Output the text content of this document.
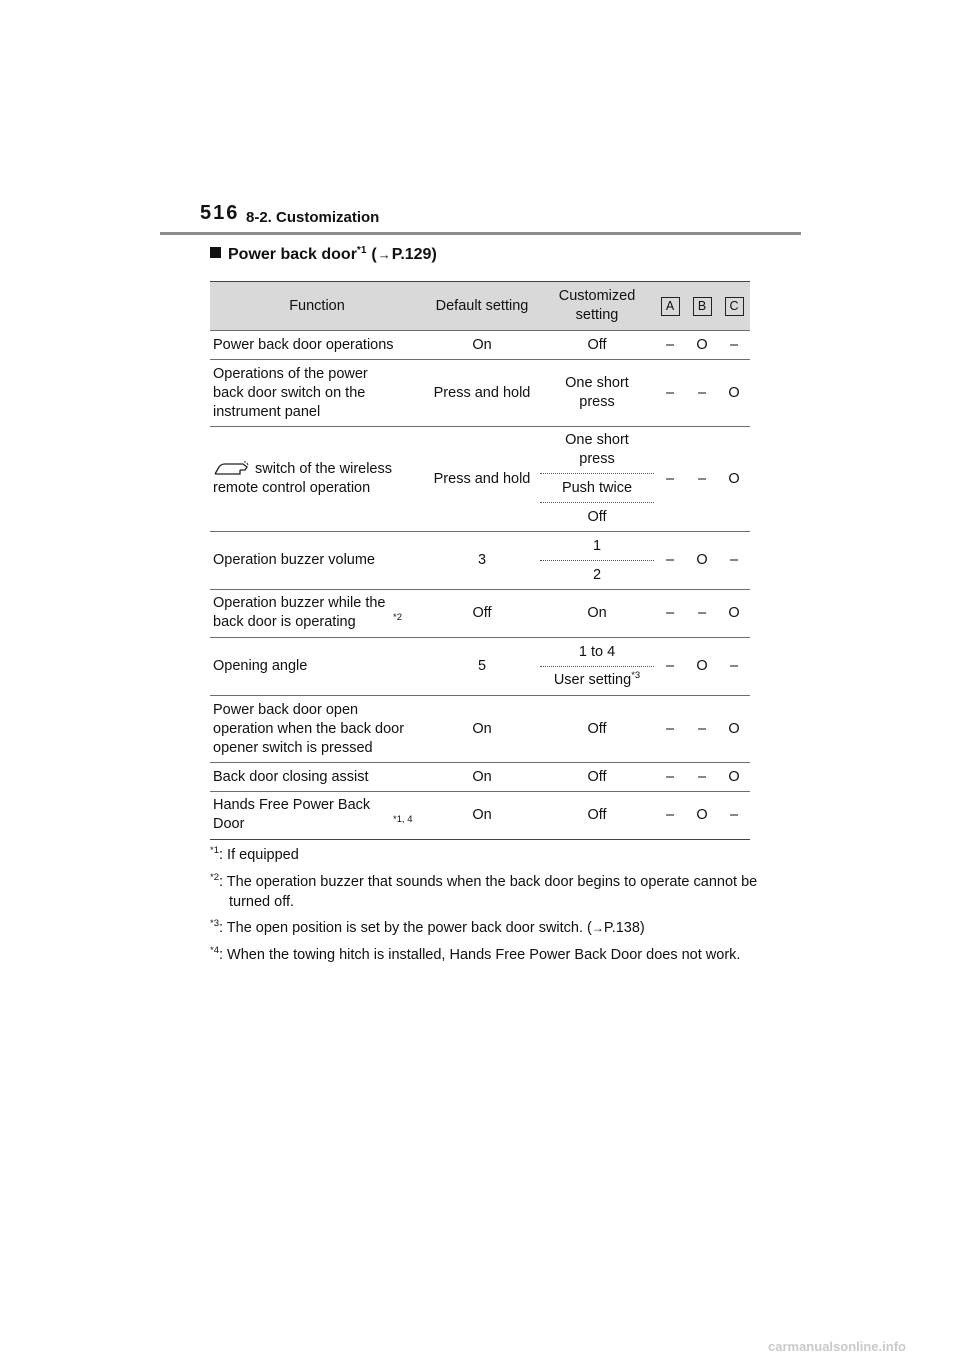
516 8-2. Customization
Power back door$^{*1}$ ( → P.129)
Function	Default setting	Customized setting	A	B	C
Power back door operations	On	Off	–	O	–
Operations of the power back door switch on the instrument panel	Press and hold	One short press	–	–	O
switch of the wireless remote control operation	Press and hold	One short press	–	–	O
		Push twice			
		Off			
Operation buzzer volume	3	1	–	O	–
		2			
Operation buzzer while the back door is operating $^{*2}$	Off	On	–	–	O
Opening angle	5	1 to 4	–	O	–
		User setting$^{*3}$
Power back door open operation when the back door opener switch is pressed	On	Off	–	–	O
Back door closing assist	On	Off	–	–	O
Hands Free Power Back Door $^{*1, 4}$	On	Off	–	O	–
$^{*1}$: If equipped
$^{*2}$: The operation buzzer that sounds when the back door begins to operate cannot be turned off.
$^{*3}$: The open position is set by the power back door switch. (→P.138)
$^{*4}$: When the towing hitch is installed, Hands Free Power Back Door does not work.
carmanualsonline.info
